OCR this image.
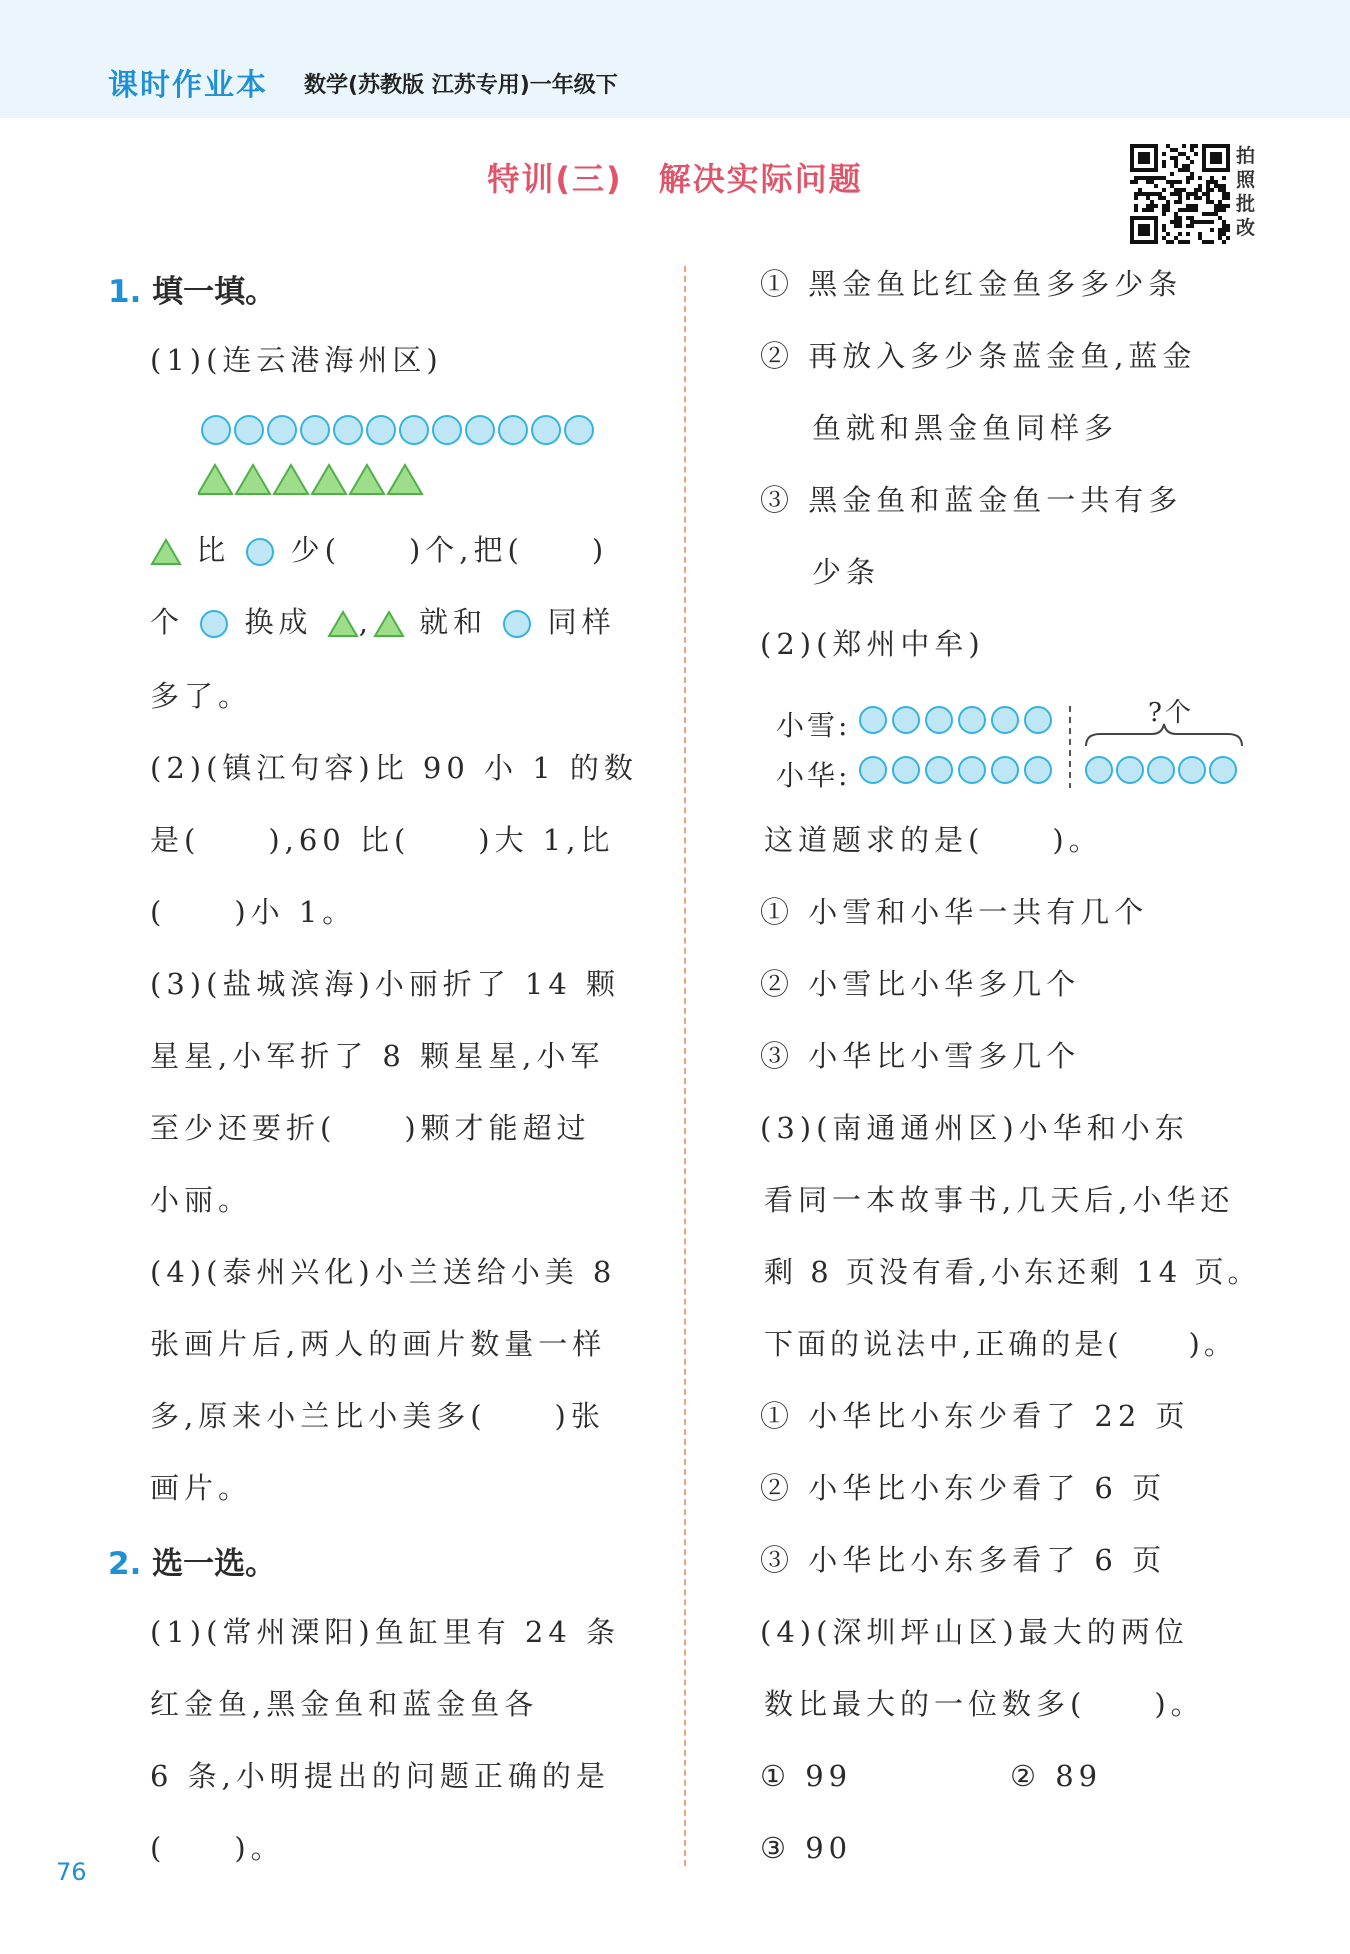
课时作业本 数学(苏教版 江苏专用)一年级下
特训(三) 解决实际问题
拍
照
批
改
1. 填一填。
(1)(连云港海州区)
比 少(　　)个,把(　　)
个 换成 , 就和 同样
多了。
(2)(镇江句容)比 90 小 1 的数
是(　　),60 比(　　)大 1,比
(　　)小 1。
(3)(盐城滨海)小丽折了 14 颗
星星,小军折了 8 颗星星,小军
至少还要折(　　)颗才能超过
小丽。
(4)(泰州兴化)小兰送给小美 8
张画片后,两人的画片数量一样
多,原来小兰比小美多(　　)张
画片。
2. 选一选。
(1)(常州溧阳)鱼缸里有 24 条
红金鱼,黑金鱼和蓝金鱼各
6 条,小明提出的问题正确的是
(　　)。
76
① 黑金鱼比红金鱼多多少条
② 再放入多少条蓝金鱼,蓝金
鱼就和黑金鱼同样多
③ 黑金鱼和蓝金鱼一共有多
少条
(2)(郑州中牟)
小雪:
小华:
?个
这道题求的是(　　)。
① 小雪和小华一共有几个
② 小雪比小华多几个
③ 小华比小雪多几个
(3)(南通通州区)小华和小东
看同一本故事书,几天后,小华还
剩 8 页没有看,小东还剩 14 页。
下面的说法中,正确的是(　　)。
① 小华比小东少看了 22 页
② 小华比小东少看了 6 页
③ 小华比小东多看了 6 页
(4)(深圳坪山区)最大的两位
数比最大的一位数多(　　)。
① 99	② 89
③ 90
